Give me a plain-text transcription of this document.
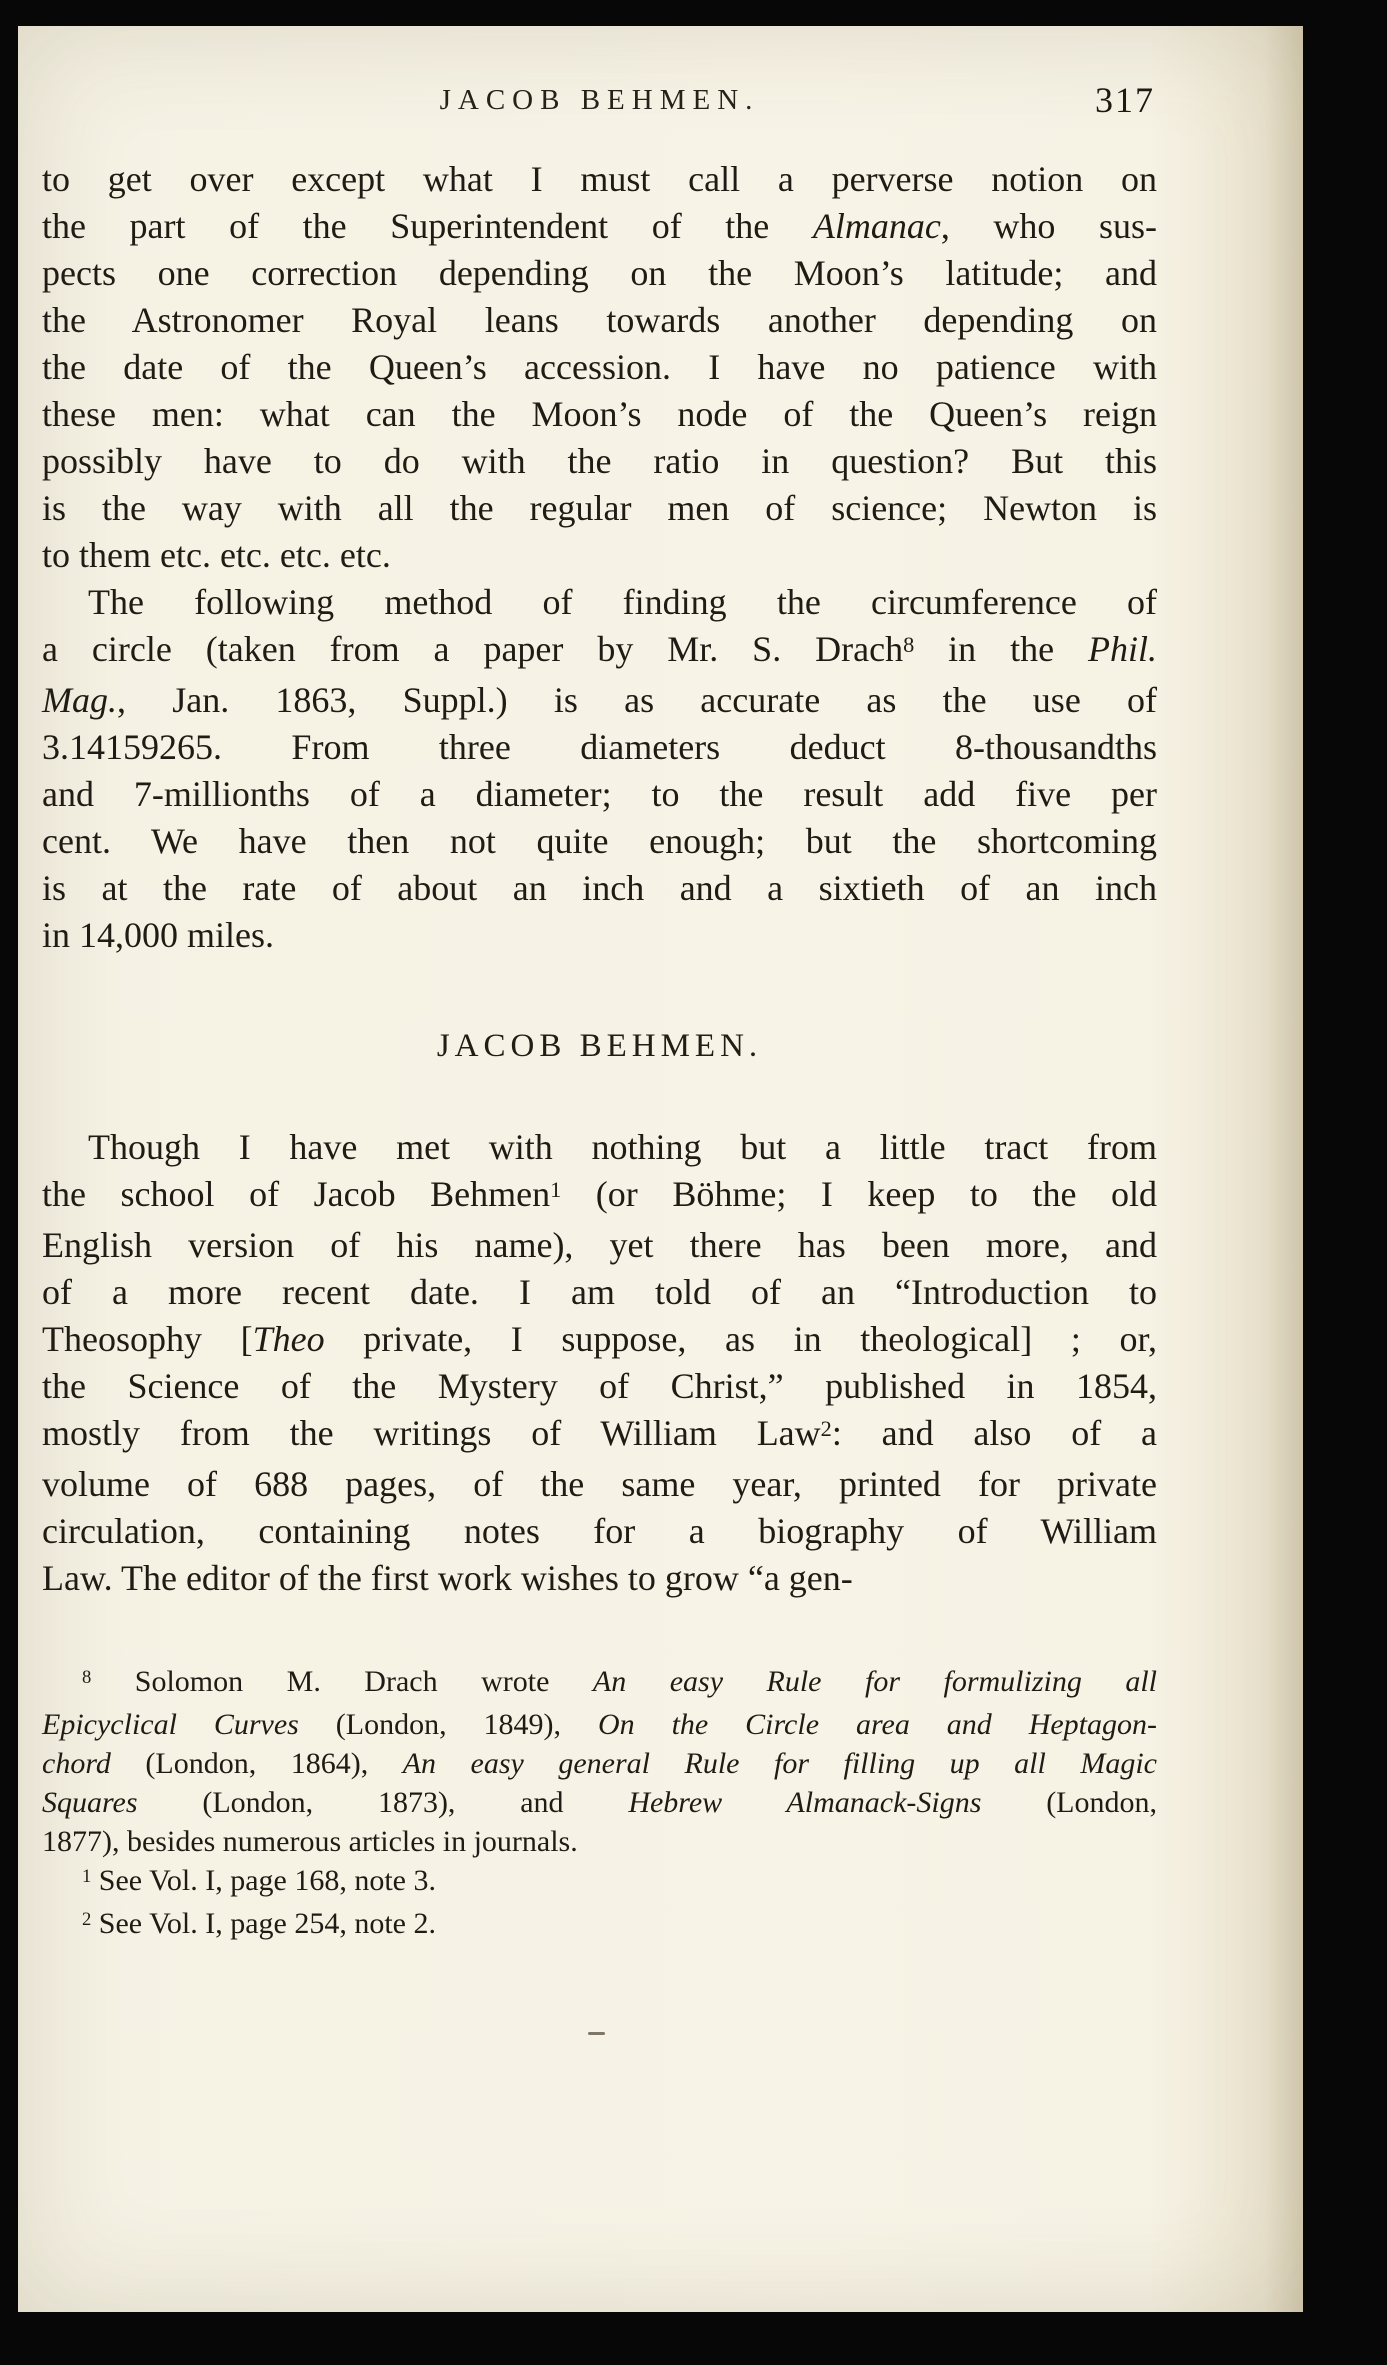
JACOB BEHMEN.	317
to get over except what I must call a perverse notion on
the part of the Superintendent of the Almanac, who sus-
pects one correction depending on the Moon’s latitude; and
the Astronomer Royal leans towards another depending on
the date of the Queen’s accession. I have no patience with
these men: what can the Moon’s node of the Queen’s reign
possibly have to do with the ratio in question? But this
is the way with all the regular men of science; Newton is
to them etc. etc. etc. etc.
The following method of finding the circumference of
a circle (taken from a paper by Mr. S. Drach$^8$ in the Phil.
Mag., Jan. 1863, Suppl.) is as accurate as the use of
3.14159265. From three diameters deduct 8-thousandths
and 7-millionths of a diameter; to the result add five per
cent. We have then not quite enough; but the shortcoming
is at the rate of about an inch and a sixtieth of an inch
in 14,000 miles.
JACOB BEHMEN.
Though I have met with nothing but a little tract from
the school of Jacob Behmen$^1$ (or Böhme; I keep to the old
English version of his name), yet there has been more, and
of a more recent date. I am told of an “Introduction to
Theosophy [Theo private, I suppose, as in theological] ; or,
the Science of the Mystery of Christ,” published in 1854,
mostly from the writings of William Law$^2$: and also of a
volume of 688 pages, of the same year, printed for private
circulation, containing notes for a biography of William
Law. The editor of the first work wishes to grow “a gen-
$^8$ Solomon M. Drach wrote An easy Rule for formulizing all
Epicyclical Curves (London, 1849), On the Circle area and Heptagon-
chord (London, 1864), An easy general Rule for filling up all Magic
Squares (London, 1873), and Hebrew Almanack-Signs (London,
1877), besides numerous articles in journals.
$^1$ See Vol. I, page 168, note 3.
$^2$ See Vol. I, page 254, note 2.
